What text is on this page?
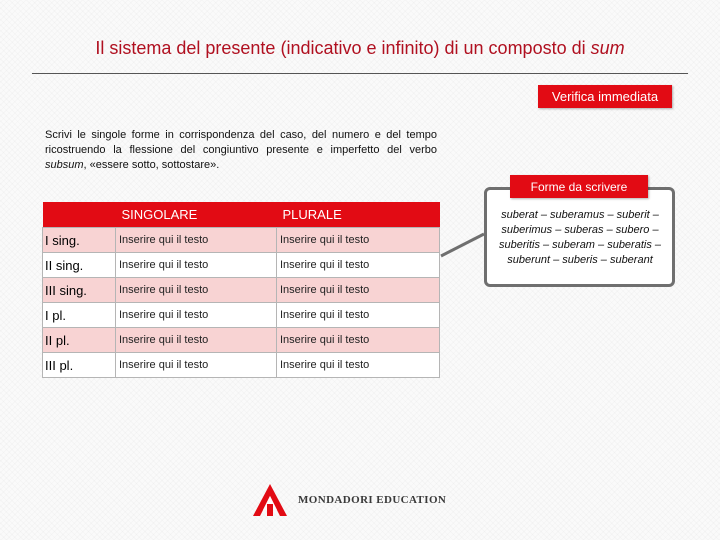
Il sistema del presente (indicativo e infinito) di un composto di sum
Verifica immediata
Scrivi le singole forme in corrispondenza del caso, del numero e del tempo ricostruendo la flessione del congiuntivo presente e imperfetto del verbo subsum, «essere sotto, sottostare».
Forme da scrivere
suberat – suberamus – suberit – suberimus – suberas – subero – suberitis – suberam – suberatis – suberunt – suberis – suberant
	SINGOLARE	PLURALE
I sing.	Inserire qui il testo	Inserire qui il testo
II sing.	Inserire qui il testo	Inserire qui il testo
III sing.	Inserire qui il testo	Inserire qui il testo
I pl.	Inserire qui il testo	Inserire qui il testo
II pl.	Inserire qui il testo	Inserire qui il testo
III pl.	Inserire qui il testo	Inserire qui il testo
MONDADORI EDUCATION
